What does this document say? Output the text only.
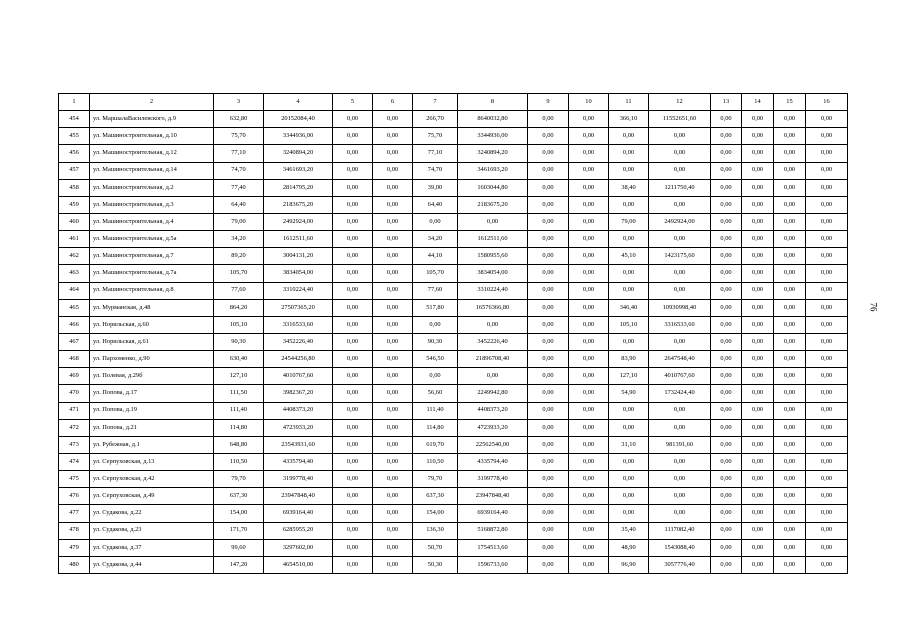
1	2	3	4	5	6	7	8	9	10	11	12	13	14	15	16
454	ул. МаршалаВасилевского, д.9	632,80	20152084,40	0,00	0,00	266,70	8640032,80	0,00	0,00	366,10	11552651,60	0,00	0,00	0,00	0,00
455	ул. Машиностроительная, д.10	75,70	3344936,00	0,00	0,00	75,70	3344936,00	0,00	0,00	0,00	0,00	0,00	0,00	0,00	0,00
456	ул. Машиностроительная, д.12	77,10	3240894,20	0,00	0,00	77,10	3240894,20	0,00	0,00	0,00	0,00	0,00	0,00	0,00	0,00
457	ул. Машиностроительная, д.14	74,70	3461693,20	0,00	0,00	74,70	3461693,20	0,00	0,00	0,00	0,00	0,00	0,00	0,00	0,00
458	ул. Машиностроительная, д.2	77,40	2814795,20	0,00	0,00	39,00	1603044,80	0,00	0,00	38,40	1211750,40	0,00	0,00	0,00	0,00
459	ул. Машиностроительная, д.3	64,40	2183675,20	0,00	0,00	64,40	2183675,20	0,00	0,00	0,00	0,00	0,00	0,00	0,00	0,00
460	ул. Машиностроительная, д.4	79,00	2492924,00	0,00	0,00	0,00	0,00	0,00	0,00	79,00	2492924,00	0,00	0,00	0,00	0,00
461	ул. Машиностроительная, д.5а	34,20	1612511,60	0,00	0,00	34,20	1612511,60	0,00	0,00	0,00	0,00	0,00	0,00	0,00	0,00
462	ул. Машиностроительная, д.7	89,20	3004131,20	0,00	0,00	44,10	1580955,60	0,00	0,00	45,10	1423175,60	0,00	0,00	0,00	0,00
463	ул. Машиностроительная, д.7а	105,70	3834054,00	0,00	0,00	105,70	3834054,00	0,00	0,00	0,00	0,00	0,00	0,00	0,00	0,00
464	ул. Машиностроительная, д.8	77,60	3310224,40	0,00	0,00	77,60	3310224,40	0,00	0,00	0,00	0,00	0,00	0,00	0,00	0,00
465	ул. Мурманская, д.48	864,20	27507365,20	0,00	0,00	517,80	16576366,80	0,00	0,00	346,40	10930998,40	0,00	0,00	0,00	0,00
466	ул. Норильская, д.60	105,10	3316533,60	0,00	0,00	0,00	0,00	0,00	0,00	105,10	3316533,60	0,00	0,00	0,00	0,00
467	ул. Норильская, д.61	90,30	3452226,40	0,00	0,00	90,30	3452226,40	0,00	0,00	0,00	0,00	0,00	0,00	0,00	0,00
468	ул. Пархоменко, д.90	630,40	24544256,80	0,00	0,00	546,50	21896708,40	0,00	0,00	83,90	2647548,40	0,00	0,00	0,00	0,00
469	ул. Полевая, д.29б	127,10	4010767,60	0,00	0,00	0,00	0,00	0,00	0,00	127,10	4010767,60	0,00	0,00	0,00	0,00
470	ул. Попова, д.17	111,50	3982367,20	0,00	0,00	56,60	2249942,80	0,00	0,00	54,90	1732424,40	0,00	0,00	0,00	0,00
471	ул. Попова, д.19	111,40	4408373,20	0,00	0,00	111,40	4408373,20	0,00	0,00	0,00	0,00	0,00	0,00	0,00	0,00
472	ул. Попова, д.21	114,80	4723933,20	0,00	0,00	114,80	4723933,20	0,00	0,00	0,00	0,00	0,00	0,00	0,00	0,00
473	ул. Рубежная, д.1	648,80	23543931,60	0,00	0,00	619,70	22562540,00	0,00	0,00	31,10	981391,60	0,00	0,00	0,00	0,00
474	ул. Серпуховская, д.13	110,50	4335794,40	0,00	0,00	110,50	4335794,40	0,00	0,00	0,00	0,00	0,00	0,00	0,00	0,00
475	ул. Серпуховская, д.42	79,70	3199778,40	0,00	0,00	79,70	3199778,40	0,00	0,00	0,00	0,00	0,00	0,00	0,00	0,00
476	ул. Серпуховская, д.49	637,30	23947848,40	0,00	0,00	637,30	23947848,40	0,00	0,00	0,00	0,00	0,00	0,00	0,00	0,00
477	ул. Судакова, д.22	154,00	6939164,40	0,00	0,00	154,00	6939164,40	0,00	0,00	0,00	0,00	0,00	0,00	0,00	0,00
478	ул. Судакова, д.23	171,70	6285955,20	0,00	0,00	136,30	5168872,80	0,00	0,00	35,40	1117082,40	0,00	0,00	0,00	0,00
479	ул. Судакова, д.37	99,60	3297602,00	0,00	0,00	50,70	1754513,60	0,00	0,00	48,90	1543088,40	0,00	0,00	0,00	0,00
480	ул. Судакова, д.44	147,20	4654510,00	0,00	0,00	50,30	1596733,60	0,00	0,00	96,90	3057776,40	0,00	0,00	0,00	0,00
76
